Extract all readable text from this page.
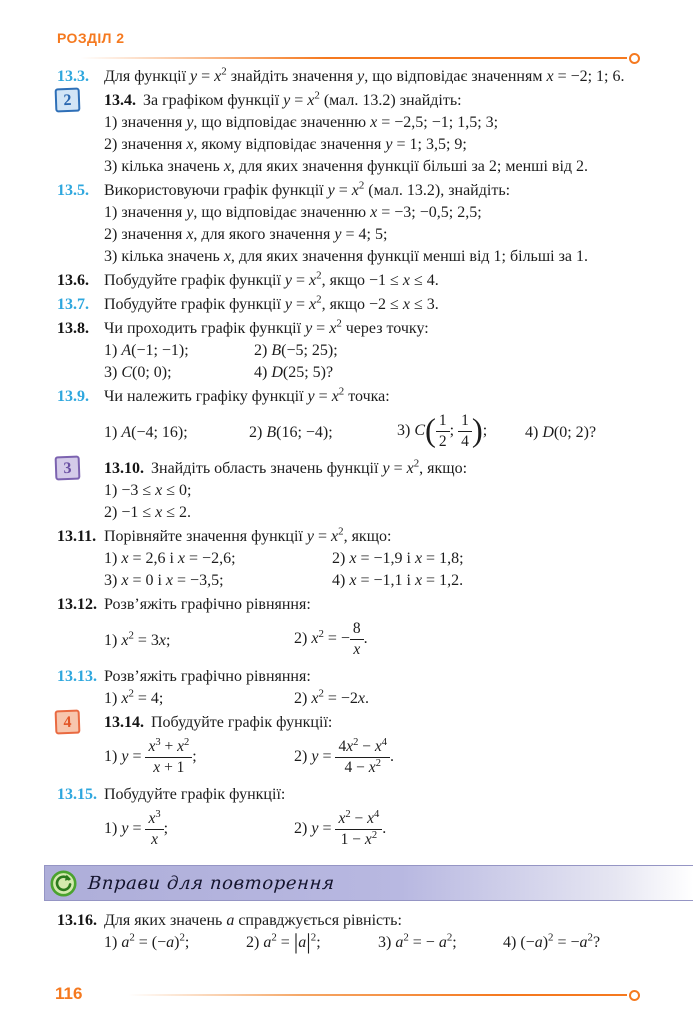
РОЗДІЛ 2
13.3. Для функції $y = x^2$ знайдіть значення y, що відповідає значенням x = −2; 1; 6.
2	13.4. За графіком функції $y = x^2$ (мал. 13.2) знайдіть:
1) значення y, що відповідає значенню x = −2,5; −1; 1,5; 3;
2) значення x, якому відповідає значення y = 1; 3,5; 9;
3) кілька значень x, для яких значення функції більші за 2; менші від 2.
13.5. Використовуючи графік функції $y = x^2$ (мал. 13.2), знайдіть:
1) значення y, що відповідає значенню x = −3; −0,5; 2,5;
2) значення x, для якого значення y = 4; 5;
3) кілька значень x, для яких значення функції менші від 1; більші за 1.
13.6. Побудуйте графік функції $y = x^2$, якщо −1 ≤ x ≤ 4.
13.7. Побудуйте графік функції $y = x^2$, якщо −2 ≤ x ≤ 3.
13.8. Чи проходить графік функції $y = x^2$ через точку:
1) A(−1; −1);	2) B(−5; 25);
3) C(0; 0);	4) D(25; 5)?
13.9. Чи належить графіку функції $y = x^2$ точка:
1) A(−4; 16);	2) B(16; −4);	3) $C( \frac{1}{2}$ ; $\frac{1}{4}$ );	4) D(0; 2)?
3	13.10. Знайдіть область значень функції $y = x^2$, якщо:
1) −3 ≤ x ≤ 0;
2) −1 ≤ x ≤ 2.
13.11. Порівняйте значення функції $y = x^2$, якщо:
1) x = 2,6 і x = −2,6;	2) x = −1,9 і x = 1,8;
3) x = 0 і x = −3,5;	4) x = −1,1 і x = 1,2.
13.12. Розв’яжіть графічно рівняння:
1) $x^2 = 3x$;	2) $x^2$ = − $\frac{8}{x}$ .
13.13. Розв’яжіть графічно рівняння:
1) $x^2 = 4$;	2) $x^2 = -2x$.
4	13.14. Побудуйте графік функції:
1) $y = \frac{x^3 + x^2}{x + 1}$ ;	2) $y = \frac{4x^2 - x^4}{4 - x^2}$ .
13.15. Побудуйте графік функції:
1) $y = \frac{x^3}{x}$ ;	2) $y = \frac{x^2 - x^4}{1 - x^2}$ .
Вправи для повторення
13.16. Для яких значень a справджується рівність:
1) $a^2 = (-a)^2$;	2) $a^2 = |a|^2$;	3) $a^2$ = − $a^2$;	4) $(-a)^2 = -a^2$?
116
